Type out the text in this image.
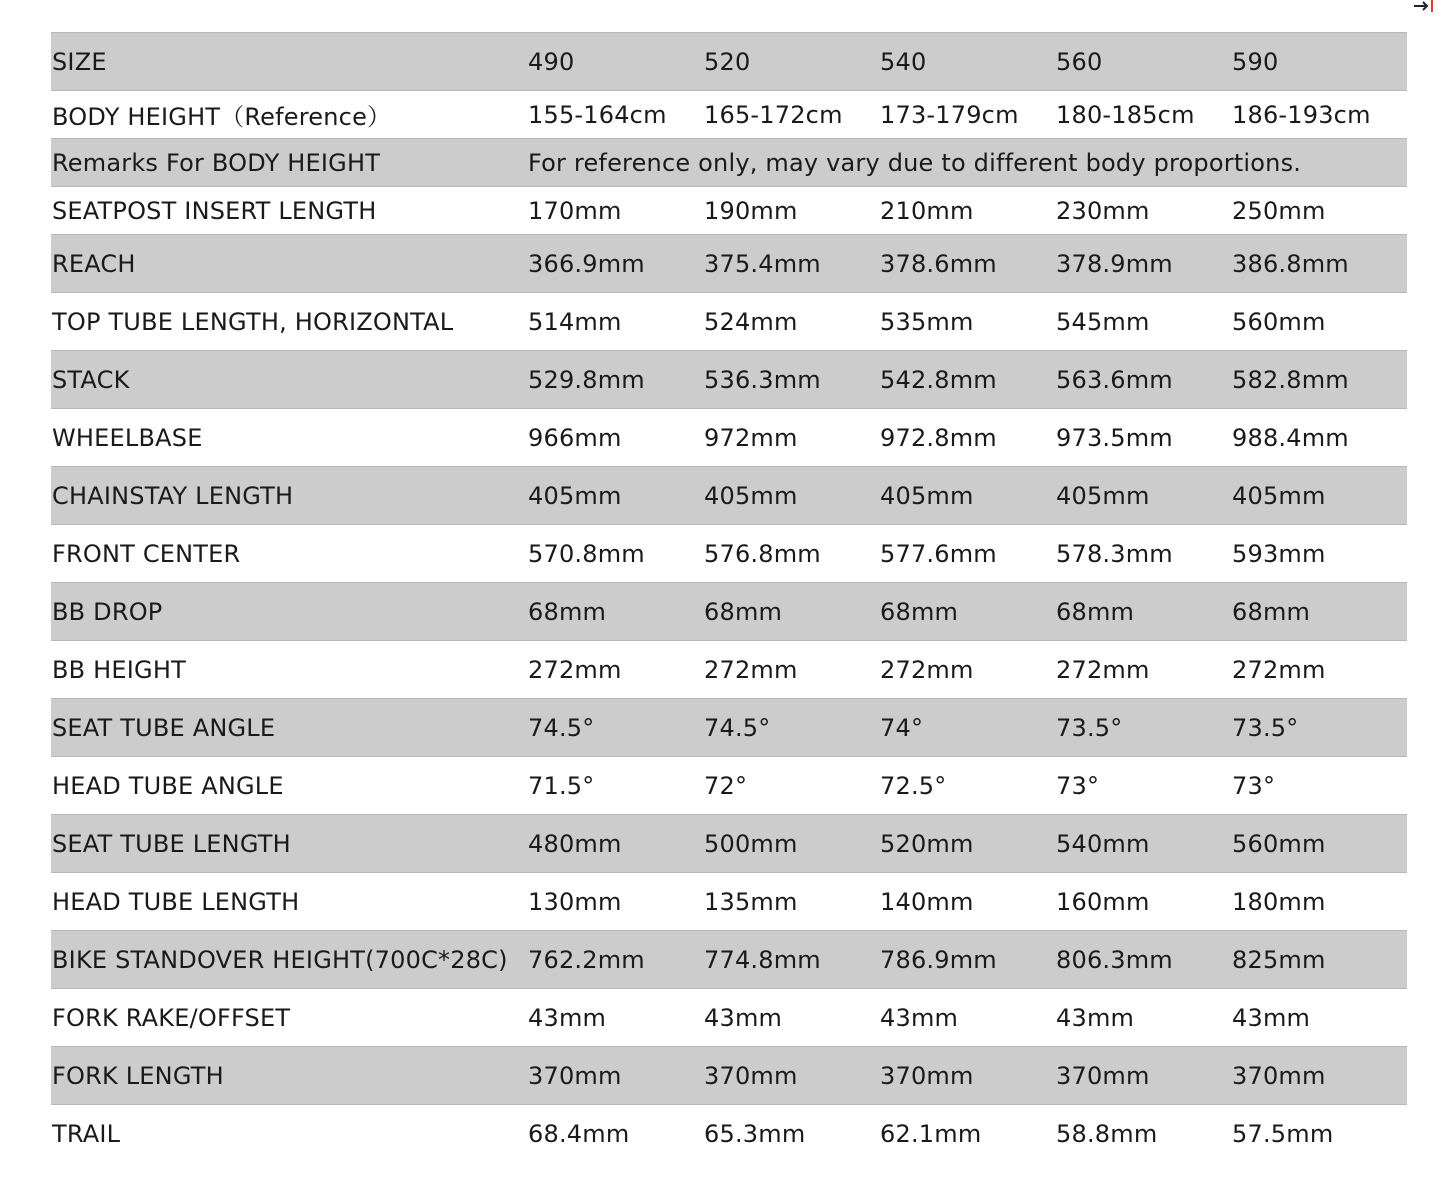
SIZE	490	520	540	560	590
BODY HEIGHT（Reference）	155-164cm	165-172cm	173-179cm	180-185cm	186-193cm
Remarks For BODY HEIGHT	For reference only, may vary due to different body proportions.				
SEATPOST INSERT LENGTH	170mm	190mm	210mm	230mm	250mm
REACH	366.9mm	375.4mm	378.6mm	378.9mm	386.8mm
TOP TUBE LENGTH, HORIZONTAL	514mm	524mm	535mm	545mm	560mm
STACK	529.8mm	536.3mm	542.8mm	563.6mm	582.8mm
WHEELBASE	966mm	972mm	972.8mm	973.5mm	988.4mm
CHAINSTAY LENGTH	405mm	405mm	405mm	405mm	405mm
FRONT CENTER	570.8mm	576.8mm	577.6mm	578.3mm	593mm
BB DROP	68mm	68mm	68mm	68mm	68mm
BB HEIGHT	272mm	272mm	272mm	272mm	272mm
SEAT TUBE ANGLE	74.5°	74.5°	74°	73.5°	73.5°
HEAD TUBE ANGLE	71.5°	72°	72.5°	73°	73°
SEAT TUBE LENGTH	480mm	500mm	520mm	540mm	560mm
HEAD TUBE LENGTH	130mm	135mm	140mm	160mm	180mm
BIKE STANDOVER HEIGHT(700C*28C)	762.2mm	774.8mm	786.9mm	806.3mm	825mm
FORK RAKE/OFFSET	43mm	43mm	43mm	43mm	43mm
FORK LENGTH	370mm	370mm	370mm	370mm	370mm
TRAIL	68.4mm	65.3mm	62.1mm	58.8mm	57.5mm
